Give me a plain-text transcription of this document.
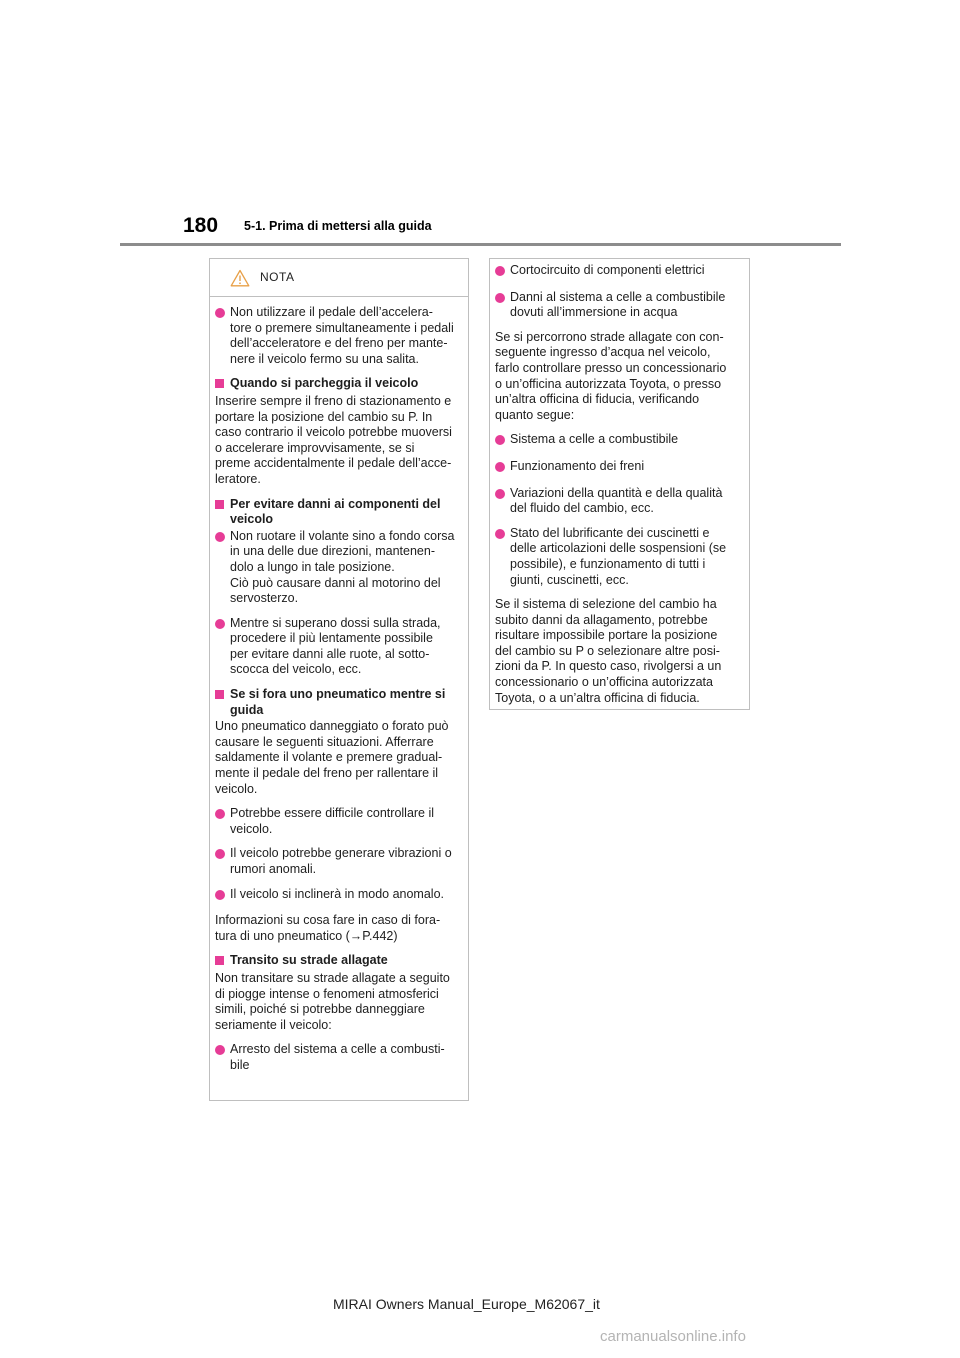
180 5-1. Prima di mettersi alla guida
NOTA
Non utilizzare il pedale dell’accelera-
tore o premere simultaneamente i pedali
dell’acceleratore e del freno per mante-
nere il veicolo fermo su una salita.
Quando si parcheggia il veicolo
Inserire sempre il freno di stazionamento e
portare la posizione del cambio su P. In
caso contrario il veicolo potrebbe muoversi
o accelerare improvvisamente, se si
preme accidentalmente il pedale dell’acce-
leratore.
Per evitare danni ai componenti del
veicolo
Non ruotare il volante sino a fondo corsa
in una delle due direzioni, mantenen-
dolo a lungo in tale posizione.
Ciò può causare danni al motorino del
servosterzo.
Mentre si superano dossi sulla strada,
procedere il più lentamente possibile
per evitare danni alle ruote, al sotto-
scocca del veicolo, ecc.
Se si fora uno pneumatico mentre si
guida
Uno pneumatico danneggiato o forato può
causare le seguenti situazioni. Afferrare
saldamente il volante e premere gradual-
mente il pedale del freno per rallentare il
veicolo.
Potrebbe essere difficile controllare il
veicolo.
Il veicolo potrebbe generare vibrazioni o
rumori anomali.
Il veicolo si inclinerà in modo anomalo.
Informazioni su cosa fare in caso di fora-
tura di uno pneumatico (→P.442)
Transito su strade allagate
Non transitare su strade allagate a seguito
di piogge intense o fenomeni atmosferici
simili, poiché si potrebbe danneggiare
seriamente il veicolo:
Arresto del sistema a celle a combusti-
bile
Cortocircuito di componenti elettrici
Danni al sistema a celle a combustibile
dovuti all’immersione in acqua
Se si percorrono strade allagate con con-
seguente ingresso d’acqua nel veicolo,
farlo controllare presso un concessionario
o un’officina autorizzata Toyota, o presso
un’altra officina di fiducia, verificando
quanto segue:
Sistema a celle a combustibile
Funzionamento dei freni
Variazioni della quantità e della qualità
del fluido del cambio, ecc.
Stato del lubrificante dei cuscinetti e
delle articolazioni delle sospensioni (se
possibile), e funzionamento di tutti i
giunti, cuscinetti, ecc.
Se il sistema di selezione del cambio ha
subito danni da allagamento, potrebbe
risultare impossibile portare la posizione
del cambio su P o selezionare altre posi-
zioni da P. In questo caso, rivolgersi a un
concessionario o un’officina autorizzata
Toyota, o a un’altra officina di fiducia.
MIRAI Owners Manual_Europe_M62067_it
carmanualsonline.info
